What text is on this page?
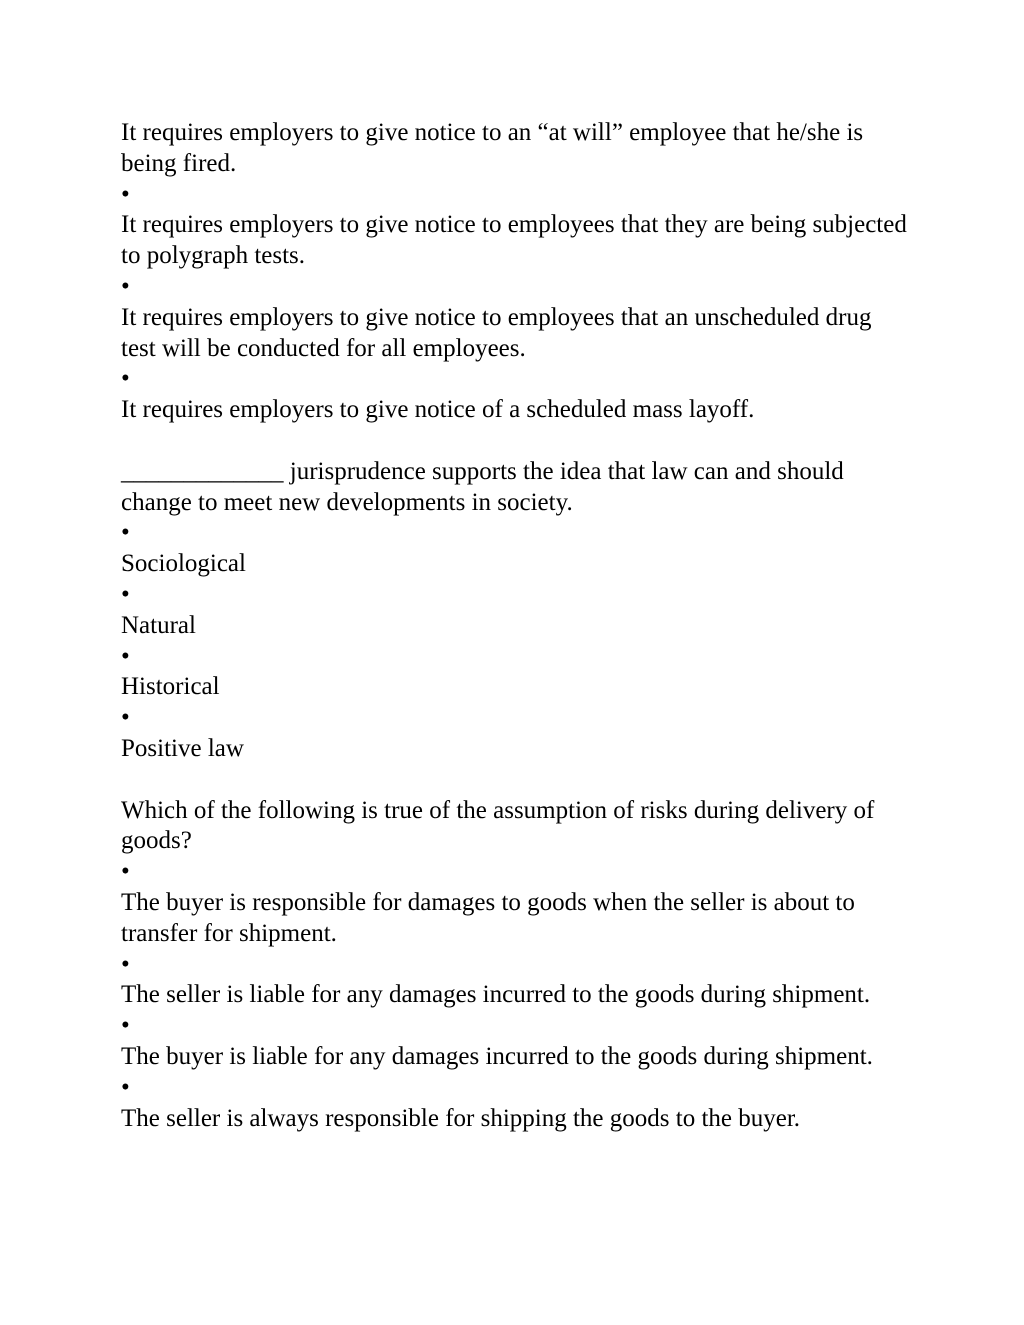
It requires employers to give notice to an “at will” employee that he/she is being fired.
•
It requires employers to give notice to employees that they are being subjected to polygraph tests.
•
It requires employers to give notice to employees that an unscheduled drug test will be conducted for all employees.
•
It requires employers to give notice of a scheduled mass layoff.
_____________ jurisprudence supports the idea that law can and should change to meet new developments in society.
•
Sociological
•
Natural
•
Historical
•
Positive law
Which of the following is true of the assumption of risks during delivery of goods?
•
The buyer is responsible for damages to goods when the seller is about to transfer for shipment.
•
The seller is liable for any damages incurred to the goods during shipment.
•
The buyer is liable for any damages incurred to the goods during shipment.
•
The seller is always responsible for shipping the goods to the buyer.
